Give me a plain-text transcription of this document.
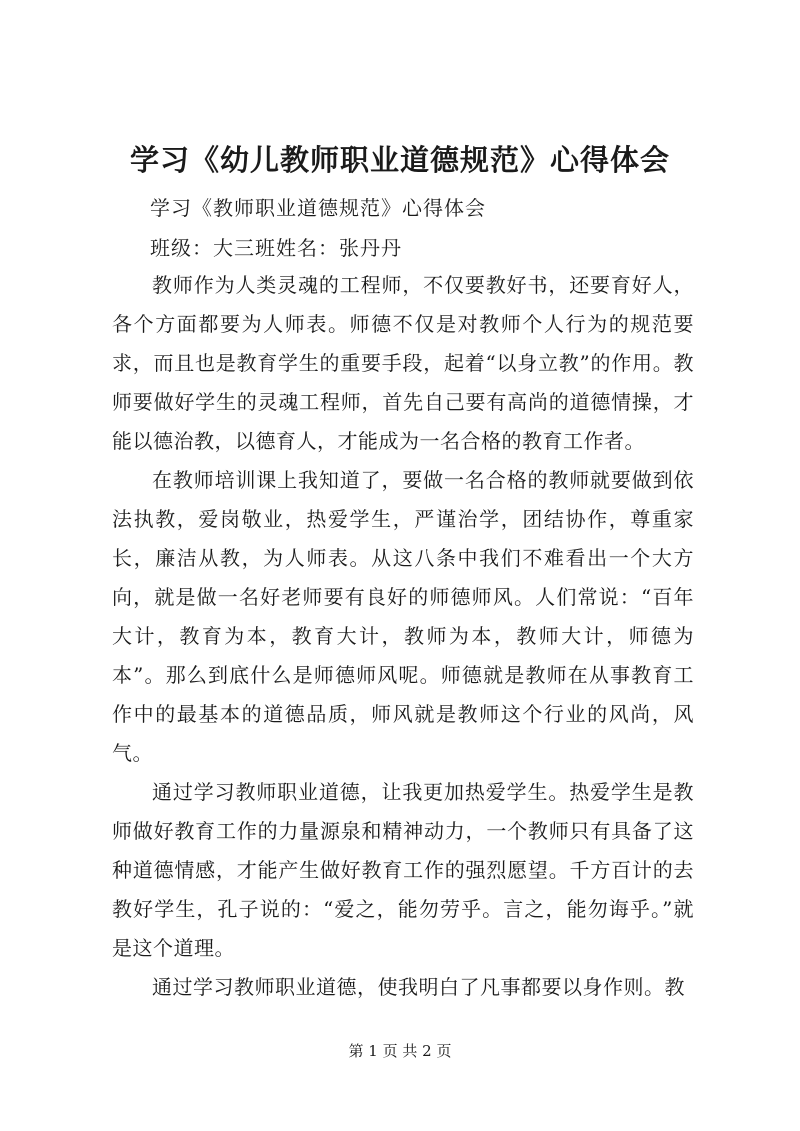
学习《幼儿教师职业道德规范》心得体会
学习《教师职业道德规范》心得体会
班级：大三班姓名：张丹丹

教师作为人类灵魂的工程师，不仅要教好书，还要育好人，各个方面都要为人师表。师德不仅是对教师个人行为的规范要求，而且也是教育学生的重要手段，起着“以身立教”的作用。教师要做好学生的灵魂工程师，首先自己要有高尚的道德情操，才能以德治教，以德育人，才能成为一名合格的教育工作者。

在教师培训课上我知道了，要做一名合格的教师就要做到依法执教，爱岗敬业，热爱学生，严谨治学，团结协作，尊重家长，廉洁从教，为人师表。从这八条中我们不难看出一个大方向，就是做一名好老师要有良好的师德师风。人们常说：“百年大计，教育为本，教育大计，教师为本，教师大计，师德为本”。那么到底什么是师德师风呢。师德就是教师在从事教育工作中的最基本的道德品质，师风就是教师这个行业的风尚，风气。

通过学习教师职业道德，让我更加热爱学生。热爱学生是教师做好教育工作的力量源泉和精神动力，一个教师只有具备了这种道德情感，才能产生做好教育工作的强烈愿望。千方百计的去教好学生，孔子说的：“爱之，能勿劳乎。言之，能勿诲乎。”就是这个道理。

通过学习教师职业道德，使我明白了凡事都要以身作则。教

第 1 页 共 2 页
